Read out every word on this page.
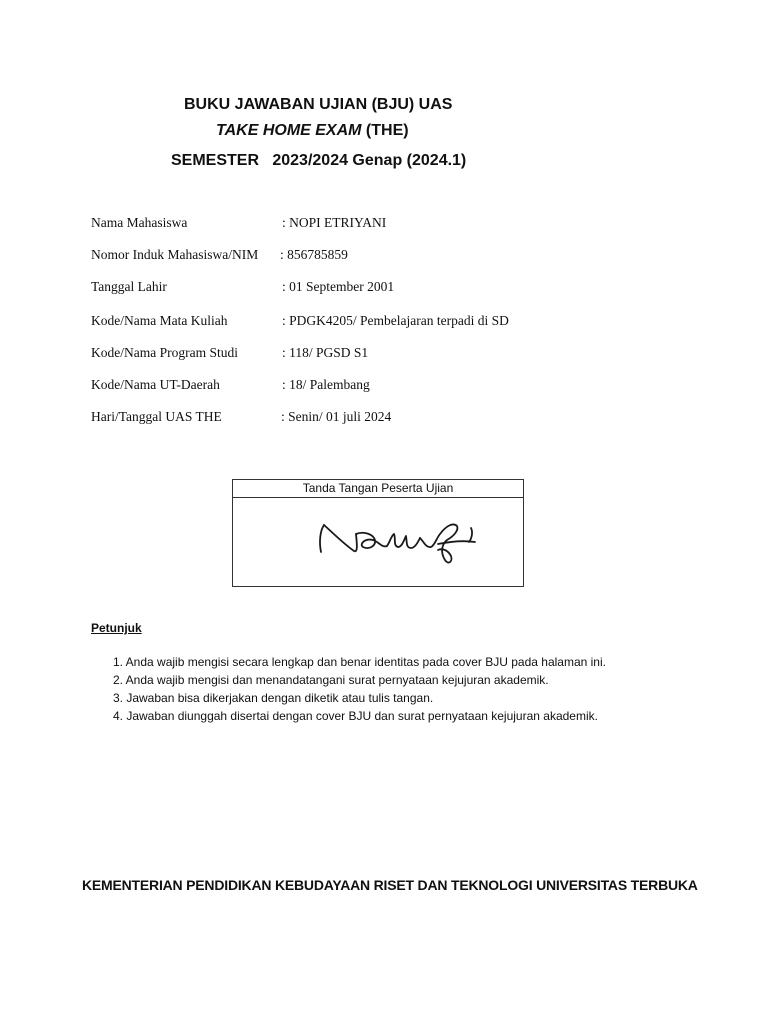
BUKU JAWABAN UJIAN (BJU) UAS
TAKE HOME EXAM (THE)
SEMESTER   2023/2024 Genap (2024.1)
Nama Mahasiswa	: NOPI ETRIYANI
Nomor Induk Mahasiswa/NIM : 856785859
Tanggal Lahir	: 01 September 2001
Kode/Nama Mata Kuliah	: PDGK4205/ Pembelajaran terpadi di SD
Kode/Nama Program Studi	: 118/ PGSD S1
Kode/Nama UT-Daerah	: 18/ Palembang
Hari/Tanggal UAS THE	: Senin/ 01 juli 2024
Tanda Tangan Peserta Ujian
Petunjuk
1. Anda wajib mengisi secara lengkap dan benar identitas pada cover BJU pada halaman ini.
2. Anda wajib mengisi dan menandatangani surat pernyataan kejujuran akademik.
3. Jawaban bisa dikerjakan dengan diketik atau tulis tangan.
4. Jawaban diunggah disertai dengan cover BJU dan surat pernyataan kejujuran akademik.
KEMENTERIAN PENDIDIKAN KEBUDAYAAN RISET DAN TEKNOLOGI UNIVERSITAS TERBUKA
